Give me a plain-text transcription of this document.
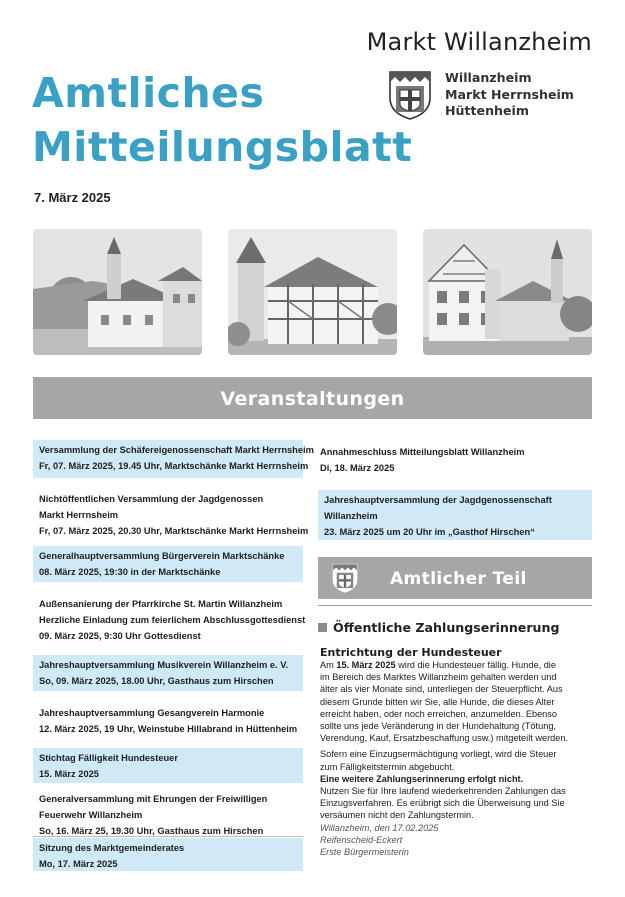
Markt Willanzheim
Willanzheim
Markt Herrnsheim
Hüttenheim
Amtliches
Mitteilungsblatt
7. März 2025
Veranstaltungen
Versammlung der Schäfereigenossenschaft Markt Herrnsheim
Fr, 07. März 2025, 19.45 Uhr, Marktschänke Markt Herrnsheim
Nichtöffentlichen Versammlung der Jagdgenossen
Markt Herrnsheim
Fr, 07. März 2025, 20.30 Uhr, Marktschänke Markt Herrnsheim
Generalhauptversammlung Bürgerverein Marktschänke
08. März 2025, 19:30 in der Marktschänke
Außensanierung der Pfarrkirche St. Martin Willanzheim
Herzliche Einladung zum feierlichem Abschlussgottesdienst
09. März 2025, 9:30 Uhr Gottesdienst
Jahreshauptversammlung Musikverein Willanzheim e. V.
So, 09. März 2025, 18.00 Uhr, Gasthaus zum Hirschen
Jahreshauptversammlung Gesangverein Harmonie
12. März 2025, 19 Uhr, Weinstube Hillabrand in Hüttenheim
Stichtag Fälligkeit Hundesteuer
15. März 2025
Generalversammlung mit Ehrungen der Freiwilligen
Feuerwehr Willanzheim
So, 16. März 25, 19.30 Uhr, Gasthaus zum Hirschen
Sitzung des Marktgemeinderates
Mo, 17. März 2025
Annahmeschluss Mitteilungsblatt Willanzheim
Di, 18. März 2025
Jahreshauptversammlung der Jagdgenossenschaft
Willanzheim
23. März 2025 um 20 Uhr im „Gasthof Hirschen“
Amtlicher Teil
Öffentliche Zahlungserinnerung

Entrichtung der Hundesteuer

Am 15. März 2025 wird die Hundesteuer fällig. Hunde, die

im Bereich des Marktes Willanzheim gehalten werden und

älter als vier Monate sind, unterliegen der Steuerpflicht. Aus

diesem Grunde bitten wir Sie, alle Hunde, die dieses Alter

erreicht haben, oder noch erreichen, anzumelden. Ebenso

sollte uns jede Veränderung in der Hundehaltung (Tötung,

Verendung, Kauf, Ersatzbeschaffung usw.) mitgeteilt werden.

Sofern eine Einzugsermächtigung vorliegt, wird die Steuer

zum Fälligkeitstermin abgebucht.

Eine weitere Zahlungserinnerung erfolgt nicht.

Nutzen Sie für Ihre laufend wiederkehrenden Zahlungen das

Einzugsverfahren. Es erübrigt sich die Überweisung und Sie

versäumen nicht den Zahlungstermin.

Willanzheim, den 17.02.2025

Reifenscheid-Eckert

Erste Bürgermeisterin
